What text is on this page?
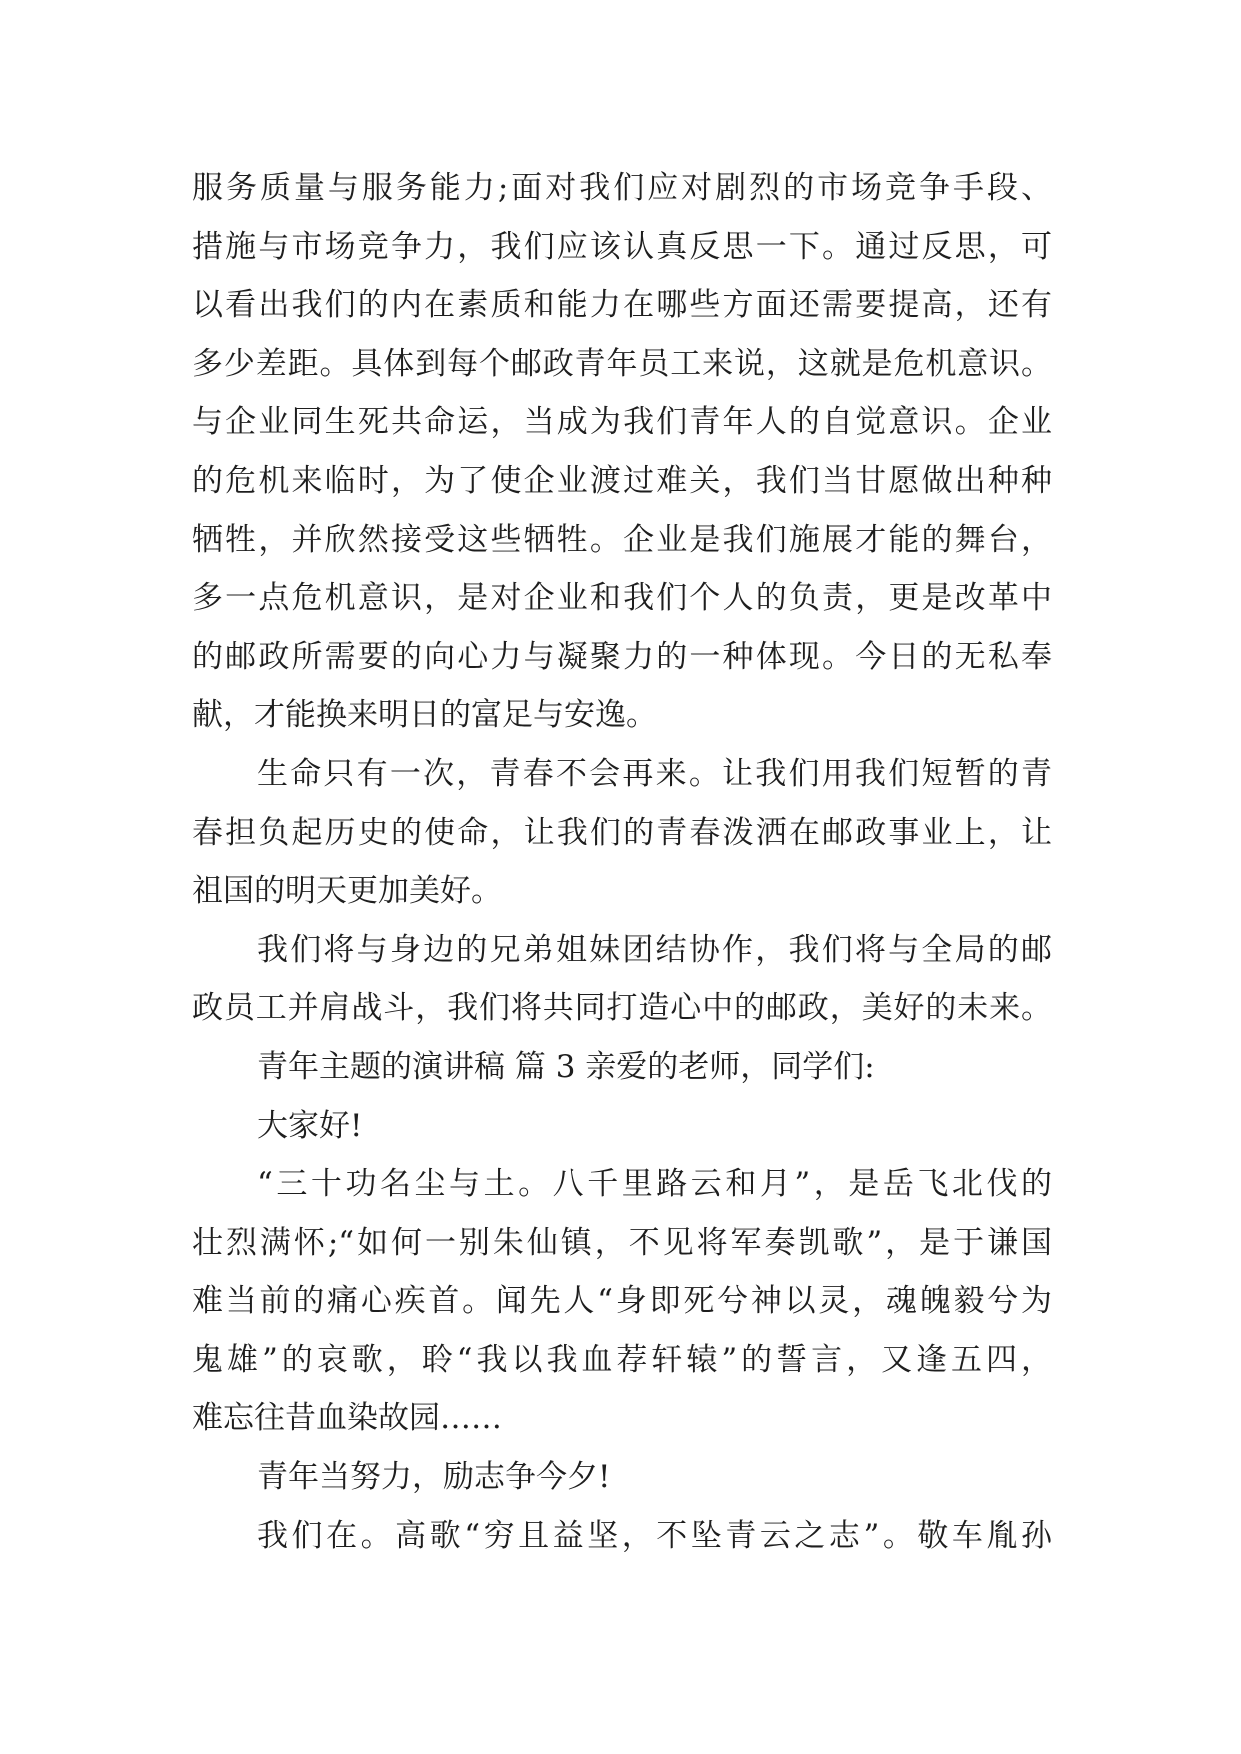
服务质量与服务能力;面对我们应对剧烈的市场竞争手段、
措施与市场竞争力，我们应该认真反思一下。通过反思，可
以看出我们的内在素质和能力在哪些方面还需要提高，还有
多少差距。具体到每个邮政青年员工来说，这就是危机意识。
与企业同生死共命运，当成为我们青年人的自觉意识。企业
的危机来临时，为了使企业渡过难关，我们当甘愿做出种种
牺牲，并欣然接受这些牺牲。企业是我们施展才能的舞台，
多一点危机意识，是对企业和我们个人的负责，更是改革中
的邮政所需要的向心力与凝聚力的一种体现。今日的无私奉
献，才能换来明日的富足与安逸。
生命只有一次，青春不会再来。让我们用我们短暂的青
春担负起历史的使命，让我们的青春泼洒在邮政事业上，让
祖国的明天更加美好。
我们将与身边的兄弟姐妹团结协作，我们将与全局的邮
政员工并肩战斗，我们将共同打造心中的邮政，美好的未来。
青年主题的演讲稿 篇 3 亲爱的老师，同学们:
大家好!
“三十功名尘与土。八千里路云和月”，是岳飞北伐的
壮烈满怀;“如何一别朱仙镇，不见将军奏凯歌”，是于谦国
难当前的痛心疾首。闻先人“身即死兮神以灵，魂魄毅兮为
鬼雄”的哀歌，聆“我以我血荐轩辕”的誓言，又逢五四，
难忘往昔血染故园……
青年当努力，励志争今夕!
我们在。高歌“穷且益坚，不坠青云之志”。敬车胤孙
